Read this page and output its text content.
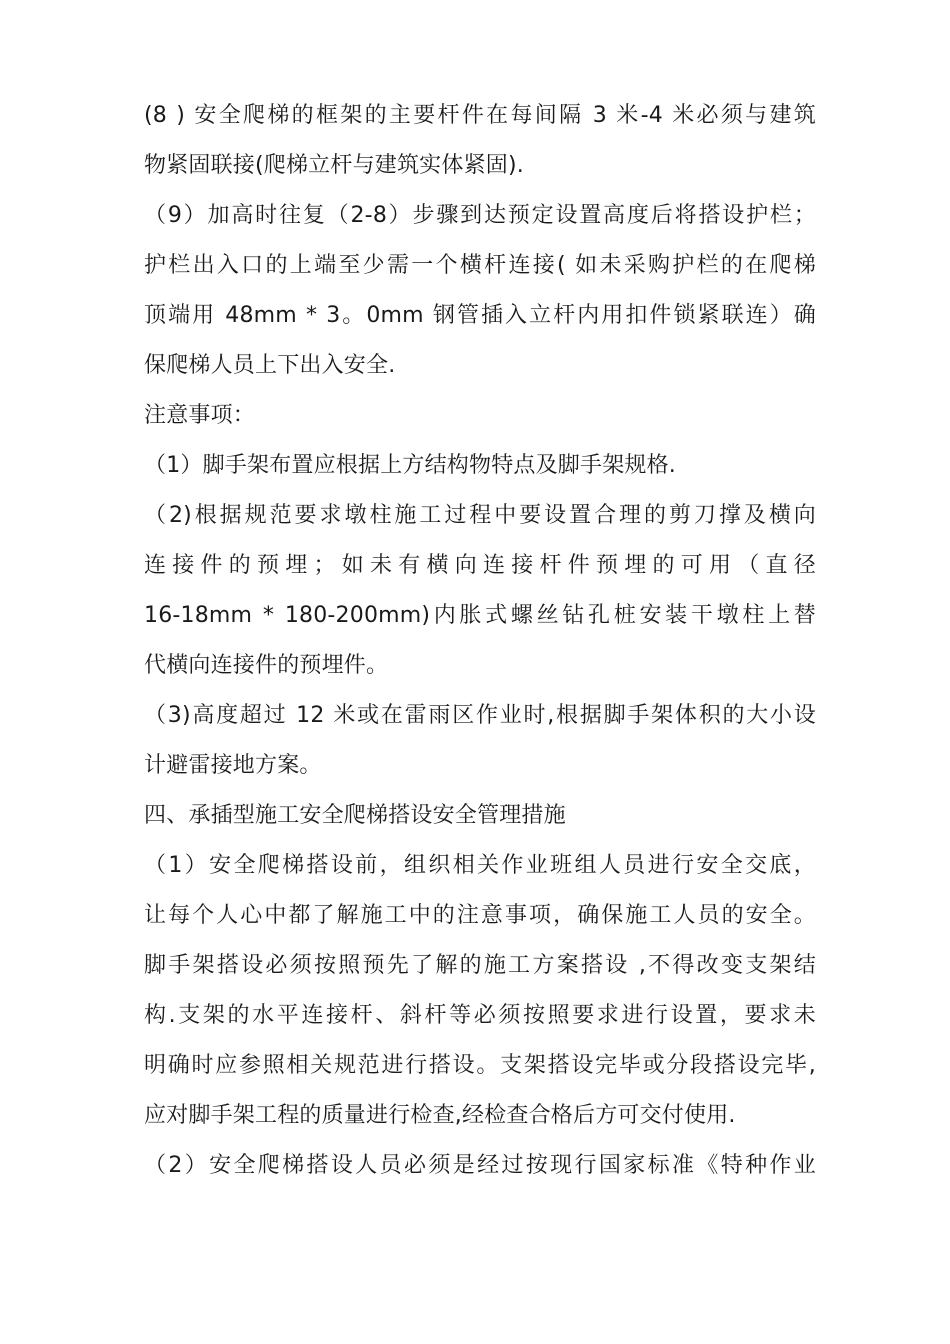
(8 ) 安全爬梯的框架的主要杆件在每间隔 3 米-4 米必须与建筑
物紧固联接(爬梯立杆与建筑实体紧固).
（9）加高时往复（2-8）步骤到达预定设置高度后将搭设护栏；
护栏出入口的上端至少需一个横杆连接( 如未采购护栏的在爬梯
顶端用 48mm * 3。0mm 钢管插入立杆内用扣件锁紧联连）确
保爬梯人员上下出入安全.
注意事项：
（1）脚手架布置应根据上方结构物特点及脚手架规格.
（2)根据规范要求墩柱施工过程中要设置合理的剪刀撑及横向
连接件的预埋；如未有横向连接杆件预埋的可用（直径
16-18mm * 180-200mm)内胀式螺丝钻孔桩安装干墩柱上替
代横向连接件的预埋件。
（3)高度超过 12 米或在雷雨区作业时,根据脚手架体积的大小设
计避雷接地方案。
四、承插型施工安全爬梯搭设安全管理措施
（1）安全爬梯搭设前，组织相关作业班组人员进行安全交底，
让每个人心中都了解施工中的注意事项，确保施工人员的安全。
脚手架搭设必须按照预先了解的施工方案搭设 ,不得改变支架结
构.支架的水平连接杆、斜杆等必须按照要求进行设置，要求未
明确时应参照相关规范进行搭设。支架搭设完毕或分段搭设完毕,
应对脚手架工程的质量进行检查,经检查合格后方可交付使用.
（2）安全爬梯搭设人员必须是经过按现行国家标准《特种作业
